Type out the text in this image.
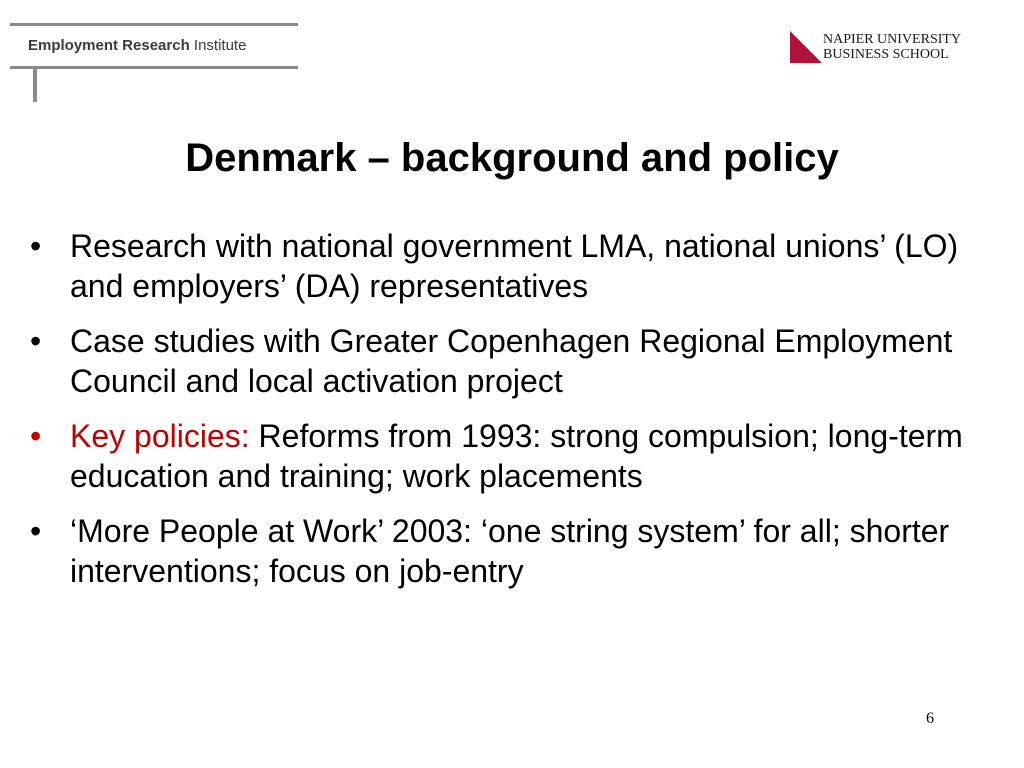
Employment Research Institute	NAPIER UNIVERSITY
BUSINESS SCHOOL
Denmark – background and policy
• Research with national government LMA, national unions’ (LO) and employers’ (DA) representatives
• Case studies with Greater Copenhagen Regional Employment Council and local activation project
• Key policies: Reforms from 1993: strong compulsion; long-term education and training; work placements
• ‘More People at Work’ 2003: ‘one string system’ for all; shorter interventions; focus on job-entry
6
